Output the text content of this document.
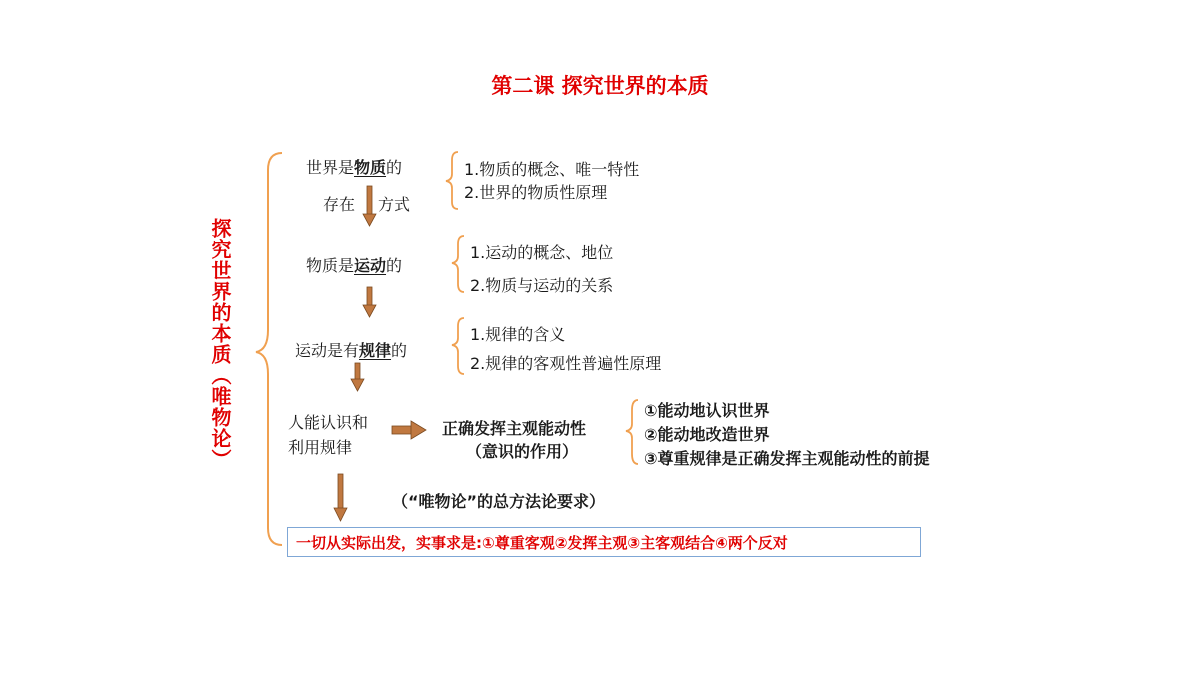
第二课 探究世界的本质
探究世界的本质（唯物论）
世界是物质的
存在 方式
1.物质的概念、唯一特性
2.世界的物质性原理
物质是运动的
1.运动的概念、地位
2.物质与运动的关系
运动是有规律的
1.规律的含义
2.规律的客观性普遍性原理
人能认识和
利用规律
正确发挥主观能动性
（意识的作用）
①能动地认识世界
②能动地改造世界
③尊重规律是正确发挥主观能动性的前提
（“唯物论”的总方法论要求）
一切从实际出发，实事求是:①尊重客观②发挥主观③主客观结合④两个反对
